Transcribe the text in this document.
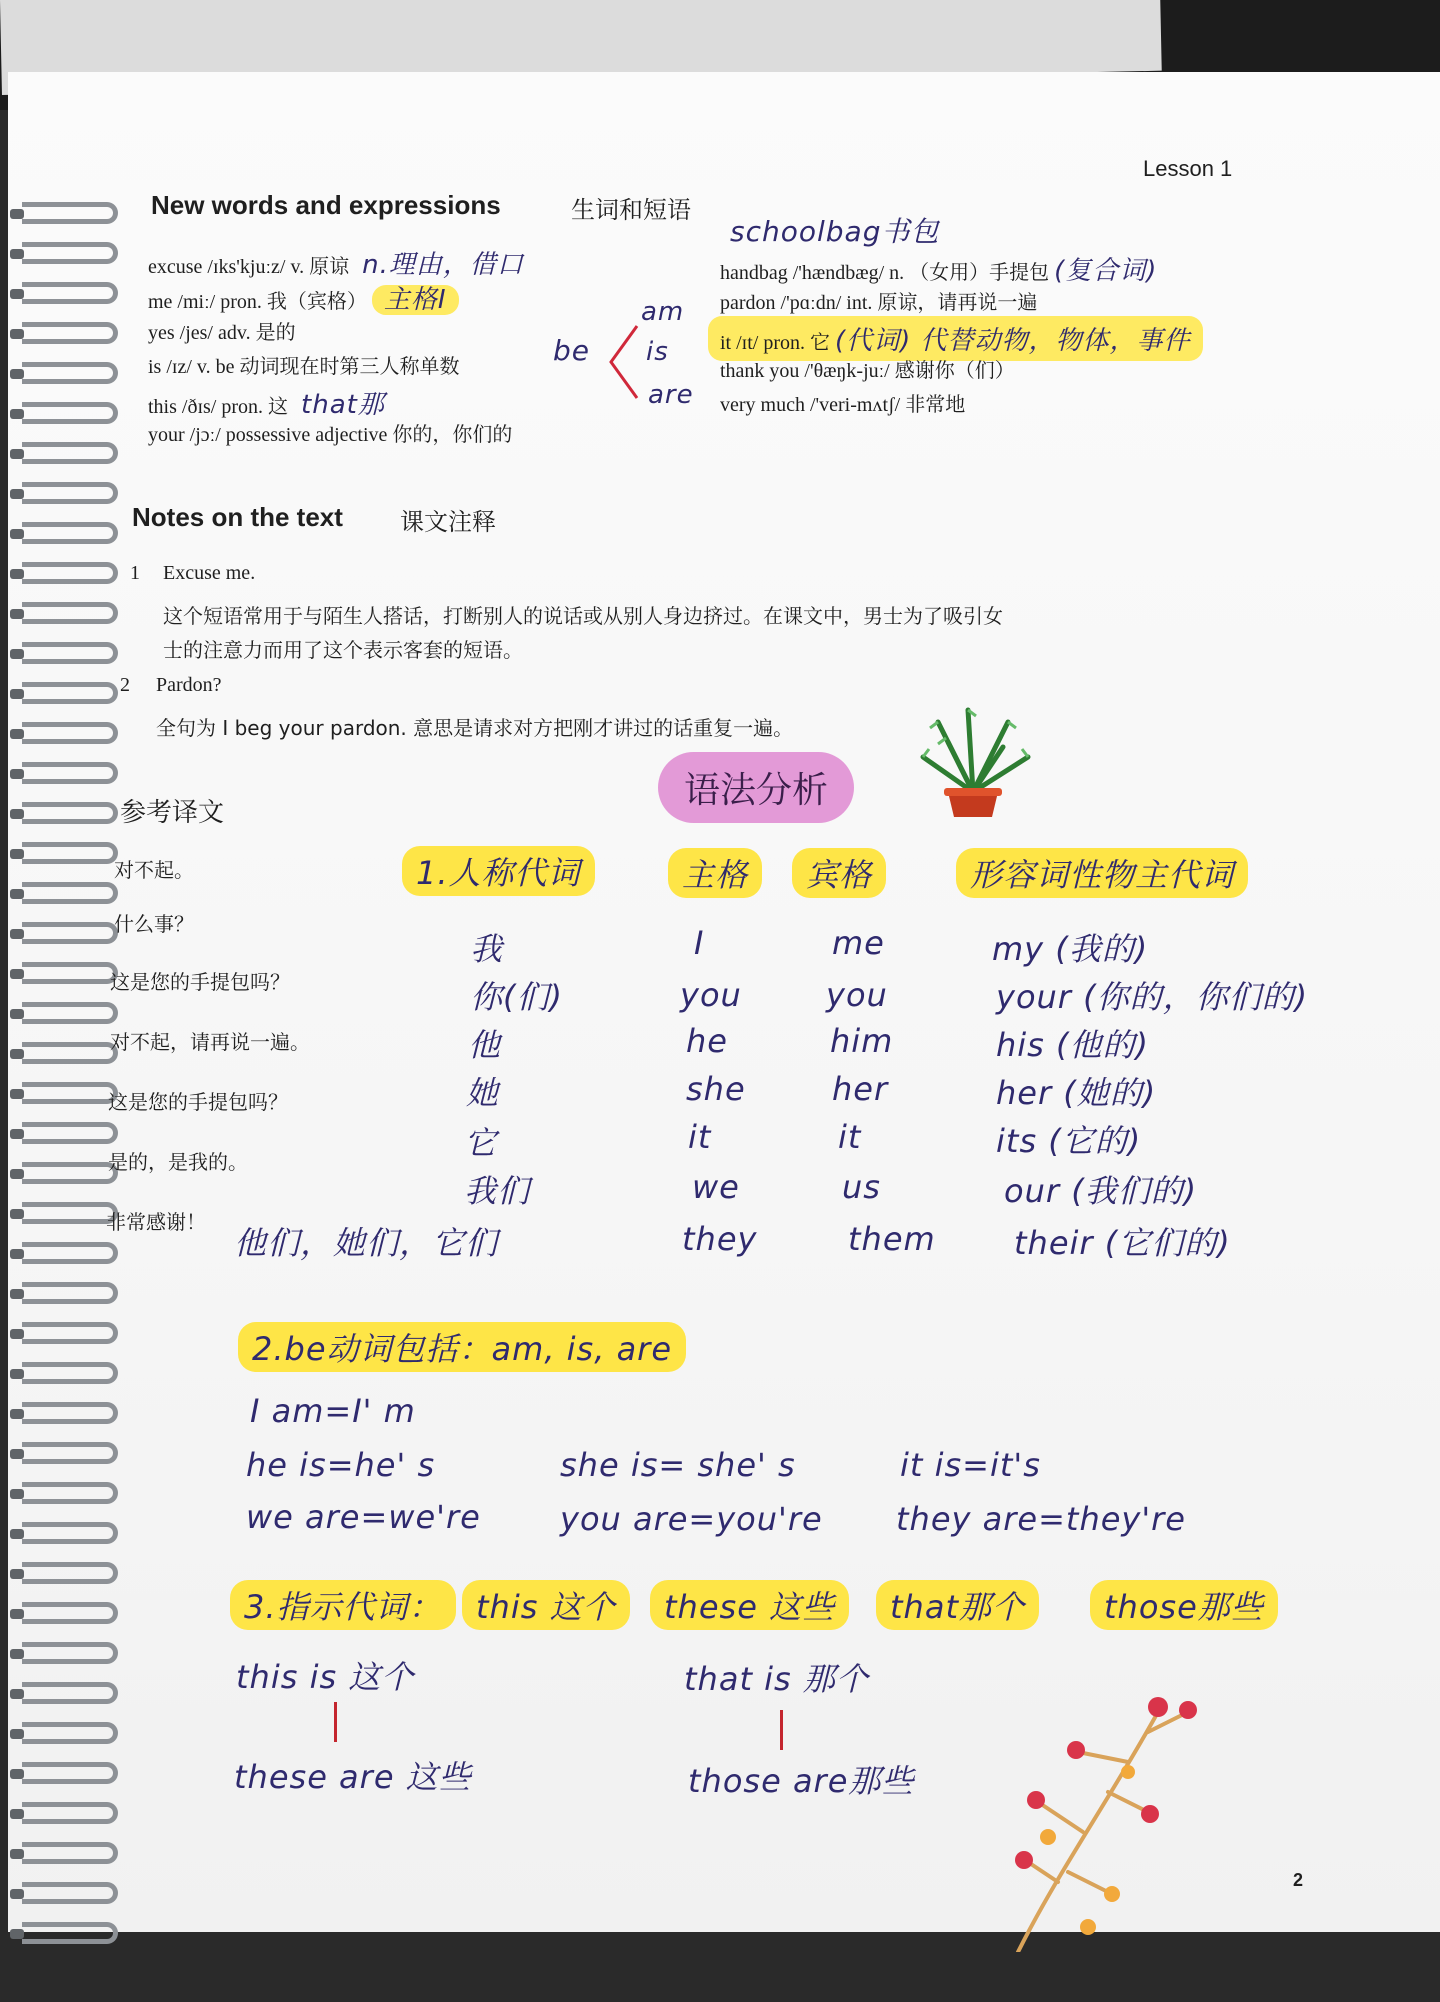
Lesson 1
New words and expressions	生词和短语
excuse /ɪks'kjuːz/ v. 原谅 n.理由，借口
me /miː/ pron. 我（宾格） 主格I
yes /jes/ adv. 是的
is /ɪz/ v. be 动词现在时第三人称单数
this /ðɪs/ pron. 这 that那
your /jɔː/ possessive adjective 你的，你们的
be
am
is
are
schoolbag书包
handbag /'hændbæg/ n. （女用）手提包 (复合词)
pardon /'pɑːdn/ int. 原谅，请再说一遍
it /ɪt/ pron. 它 (代词) 代替动物，物体，事件
thank you /'θæŋk-juː/ 感谢你（们）
very much /'veri-mʌtʃ/ 非常地
Notes on the text 课文注释
1 Excuse me.
这个短语常用于与陌生人搭话，打断别人的说话或从别人身边挤过。在课文中，男士为了吸引女
士的注意力而用了这个表示客套的短语。
2 Pardon?
全句为 I beg your pardon. 意思是请求对方把刚才讲过的话重复一遍。
语法分析
参考译文
对不起。
什么事？
这是您的手提包吗？
对不起，请再说一遍。
这是您的手提包吗？
是的，是我的。
非常感谢！
1.人称代词	主格	宾格	形容词性物主代词
我	I	me	my (我的)
你(们)	you	you	your (你的，你们的)
他	he	him	his (他的)
她	she	her	her (她的)
它	it	it	its (它的)
我们	we	us	our (我们的)
他们，她们，它们	they	them their (它们的)
2.be动词包括：am, is, are
I am=I' m
he is=he' s	she is= she' s	it is=it's
we are=we're you are=you're they are=they're
3.指示代词：	this 这个	these 这些	that那个	those那些
this is 这个
these are 这些
that is 那个
those are那些
2
